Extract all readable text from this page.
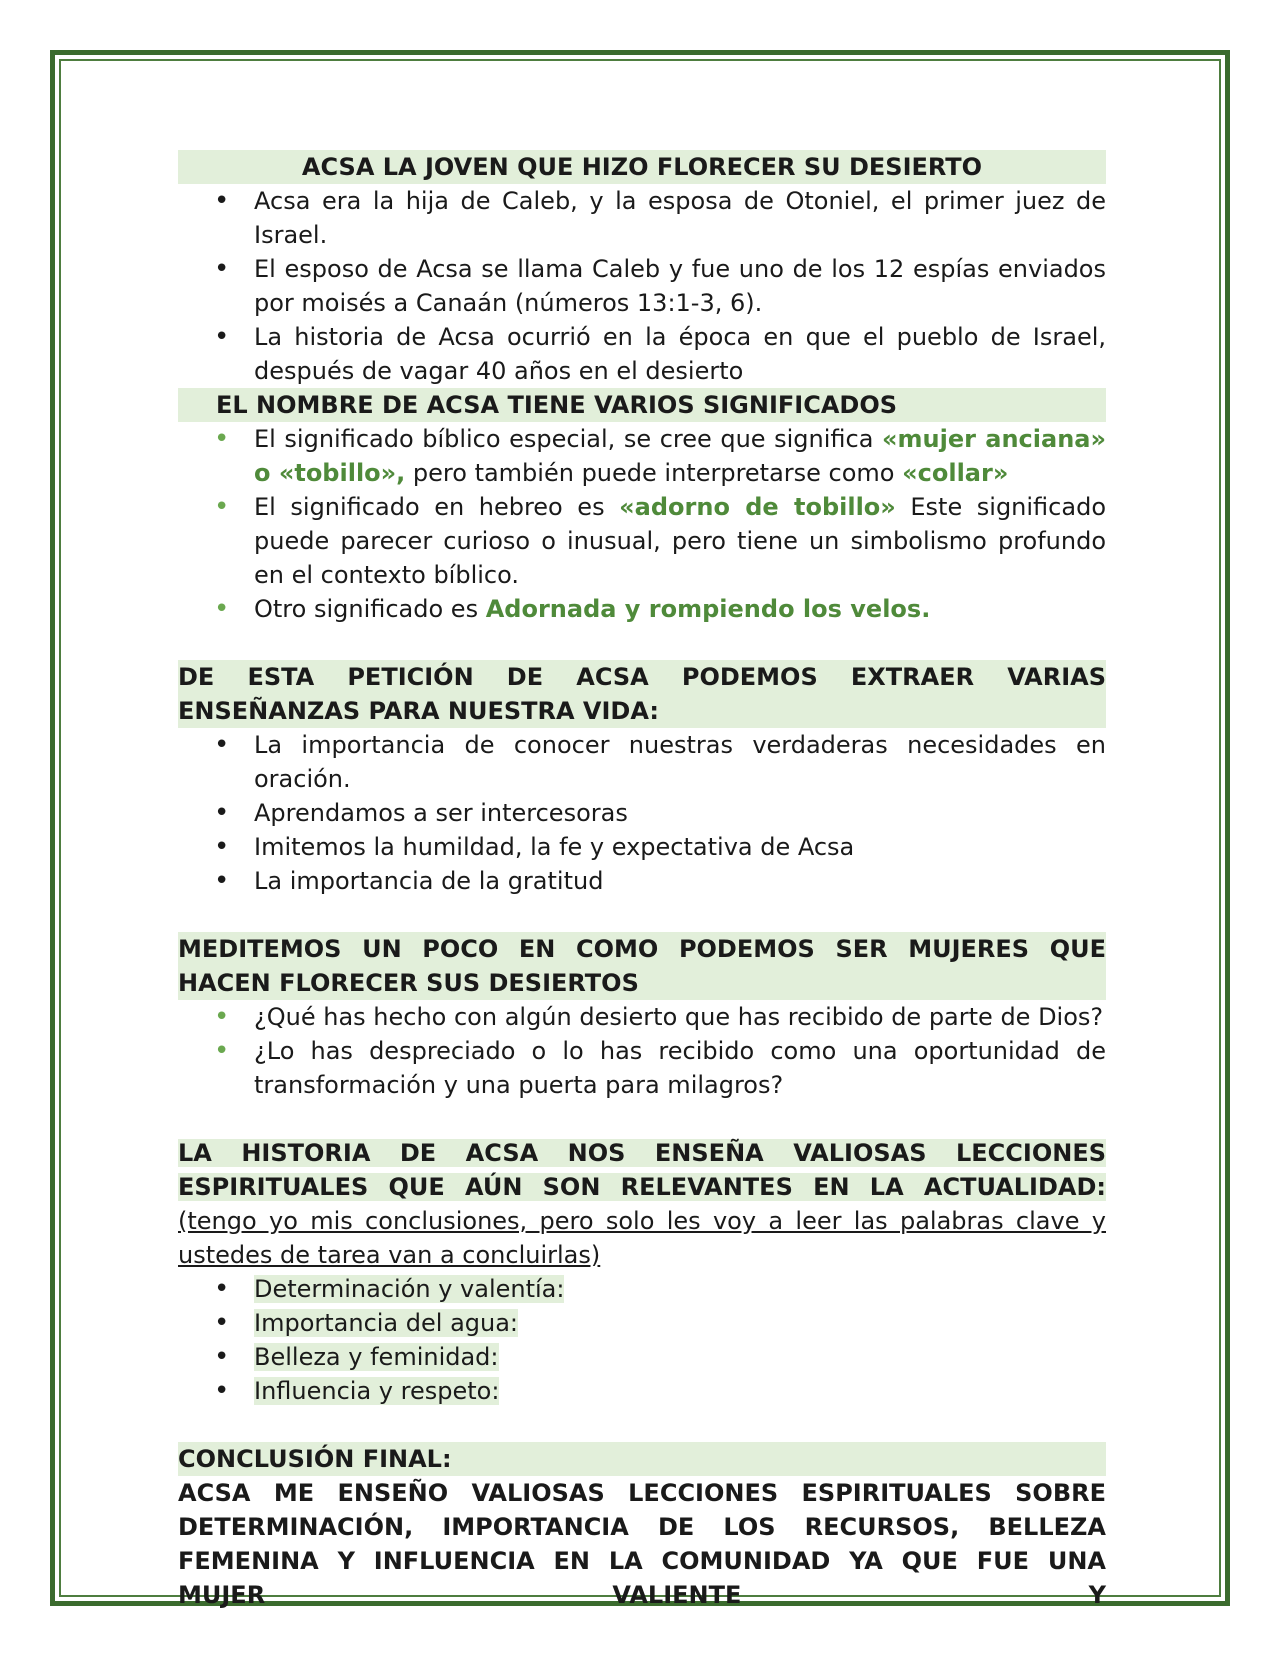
ACSA LA JOVEN QUE HIZO FLORECER SU DESIERTO
• Acsa era la hija de Caleb, y la esposa de Otoniel, el primer juez de Israel.
• El esposo de Acsa se llama Caleb y fue uno de los 12 espías enviados por moisés a Canaán (números 13:1-3, 6).
• La historia de Acsa ocurrió en la época en que el pueblo de Israel, después de vagar 40 años en el desierto
EL NOMBRE DE ACSA TIENE VARIOS SIGNIFICADOS
• El significado bíblico especial, se cree que significa «mujer anciana» o «tobillo», pero también puede interpretarse como «collar»
• El significado en hebreo es «adorno de tobillo» Este significado puede parecer curioso o inusual, pero tiene un simbolismo profundo en el contexto bíblico.
• Otro significado es Adornada y rompiendo los velos.
DE ESTA PETICIÓN DE ACSA PODEMOS EXTRAER VARIAS ENSEÑANZAS PARA NUESTRA VIDA:
• La importancia de conocer nuestras verdaderas necesidades en oración.
• Aprendamos a ser intercesoras
• Imitemos la humildad, la fe y expectativa de Acsa
• La importancia de la gratitud
MEDITEMOS UN POCO EN COMO PODEMOS SER MUJERES QUE HACEN FLORECER SUS DESIERTOS
• ¿Qué has hecho con algún desierto que has recibido de parte de Dios?
• ¿Lo has despreciado o lo has recibido como una oportunidad de transformación y una puerta para milagros?
LA HISTORIA DE ACSA NOS ENSEÑA VALIOSAS LECCIONES ESPIRITUALES QUE AÚN SON RELEVANTES EN LA ACTUALIDAD: (tengo yo mis conclusiones, pero solo les voy a leer las palabras clave y ustedes de tarea van a concluirlas)
• Determinación y valentía:
• Importancia del agua:
• Belleza y feminidad:
• Influencia y respeto:
CONCLUSIÓN FINAL:
ACSA ME ENSEÑO VALIOSAS LECCIONES ESPIRITUALES SOBRE DETERMINACIÓN, IMPORTANCIA DE LOS RECURSOS, BELLEZA FEMENINA Y INFLUENCIA EN LA COMUNIDAD YA QUE FUE UNA MUJER VALIENTE Y
